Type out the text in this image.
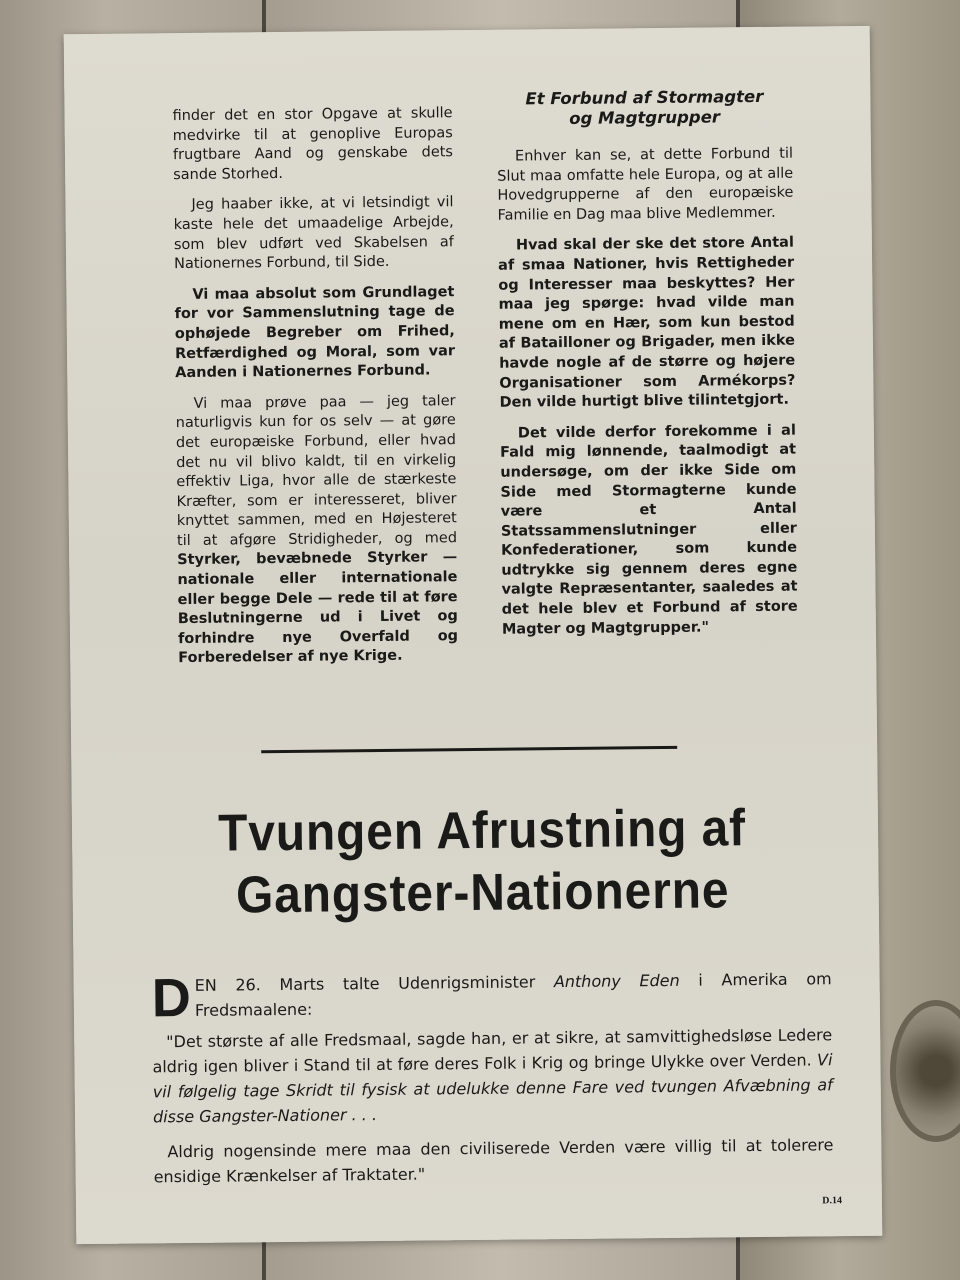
finder det en stor Opgave at skulle medvirke til at genoplive Europas frugtbare Aand og genskabe dets sande Storhed.

Jeg haaber ikke, at vi letsindigt vil kaste hele det umaadelige Arbejde, som blev udført ved Skabelsen af Nationernes Forbund, til Side.

Vi maa absolut som Grundlaget for vor Sammenslutning tage de ophøjede Begreber om Frihed, Retfærdighed og Moral, som var Aanden i Nationernes Forbund.

Vi maa prøve paa — jeg taler naturligvis kun for os selv — at gøre det europæiske Forbund, eller hvad det nu vil blivo kaldt, til en virkelig effektiv Liga, hvor alle de stærkeste Kræfter, som er interesseret, bliver knyttet sammen, med en Højesteret til at afgøre Stridigheder, og med Styrker, bevæbnede Styrker — nationale eller internationale eller begge Dele — rede til at føre Beslutningerne ud i Livet og forhindre nye Overfald og Forberedelser af nye Krige.

Et Forbund af Stormagter
og Magtgrupper

Enhver kan se, at dette Forbund til Slut maa omfatte hele Europa, og at alle Hovedgrupperne af den europæiske Familie en Dag maa blive Medlemmer.

Hvad skal der ske det store Antal af smaa Nationer, hvis Rettigheder og Interesser maa beskyttes? Her maa jeg spørge: hvad vilde man mene om en Hær, som kun bestod af Batailloner og Brigader, men ikke havde nogle af de større og højere Organisationer som Armékorps? Den vilde hurtigt blive tilintetgjort.

Det vilde derfor forekomme i al Fald mig lønnende, taalmodigt at undersøge, om der ikke Side om Side med Stormagterne kunde være et Antal Statssammenslutninger eller Konfederationer, som kunde udtrykke sig gennem deres egne valgte Repræsentanter, saaledes at det hele blev et Forbund af store Magter og Magtgrupper."

Tvungen Afrustning af
Gangster-Nationerne

DEN 26. Marts talte Udenrigsminister Anthony Eden i Amerika om Fredsmaalene:

"Det største af alle Fredsmaal, sagde han, er at sikre, at samvittighedsløse Ledere aldrig igen bliver i Stand til at føre deres Folk i Krig og bringe Ulykke over Verden. Vi vil følgelig tage Skridt til fysisk at udelukke denne Fare ved tvungen Afvæbning af disse Gangster-Nationer . . .

Aldrig nogensinde mere maa den civiliserede Verden være villig til at tolerere ensidige Krænkelser af Traktater."

D.14
